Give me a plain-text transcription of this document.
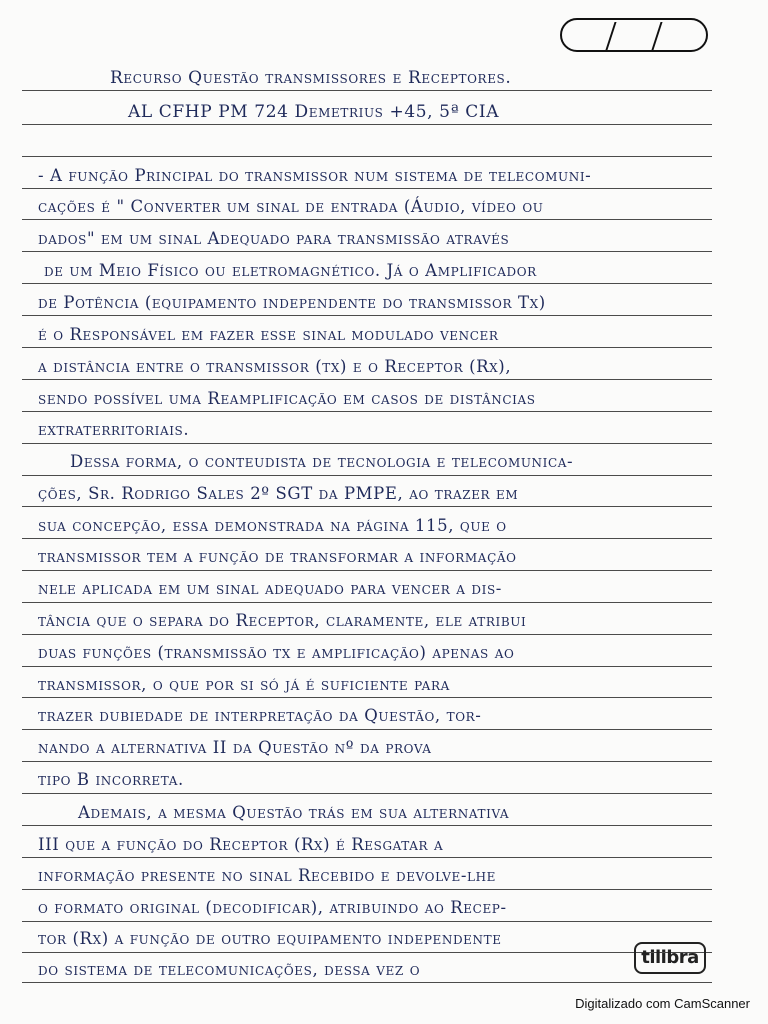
Recurso Questão transmissores e Receptores.
AL CFHP PM 724 Demetrius +45, 5ª CIA
- A função Principal do transmissor num sistema de telecomuni-
cações é " Converter um sinal de entrada (Áudio, vídeo ou
dados" em um sinal Adequado para transmissão através
de um Meio Físico ou eletromagnético. Já o Amplificador
de Potência (equipamento independente do transmissor Tx)
é o Responsável em fazer esse sinal modulado vencer
a distância entre o transmissor (tx) e o Receptor (Rx),
sendo possível uma Reamplificação em casos de distâncias
extraterritoriais.
Dessa forma, o conteudista de tecnologia e telecomunica-
ções, Sr. Rodrigo Sales 2º SGT da PMPE, ao trazer em
sua concepção, essa demonstrada na página 115, que o
transmissor tem a função de transformar a informação
nele aplicada em um sinal adequado para vencer a dis-
tância que o separa do Receptor, claramente, ele atribui
duas funções (transmissão tx e amplificação) apenas ao
transmissor, o que por si só já é suficiente para
trazer dubiedade de interpretação da Questão, tor-
nando a alternativa II da Questão nº da prova
tipo B incorreta.
Ademais, a mesma Questão trás em sua alternativa
III que a função do Receptor (Rx) é Resgatar a
informação presente no sinal Recebido e devolve-lhe
o formato original (decodificar), atribuindo ao Recep-
tor (Rx) a função de outro equipamento independente
do sistema de telecomunicações, dessa vez o
tilibra
Digitalizado com CamScanner
